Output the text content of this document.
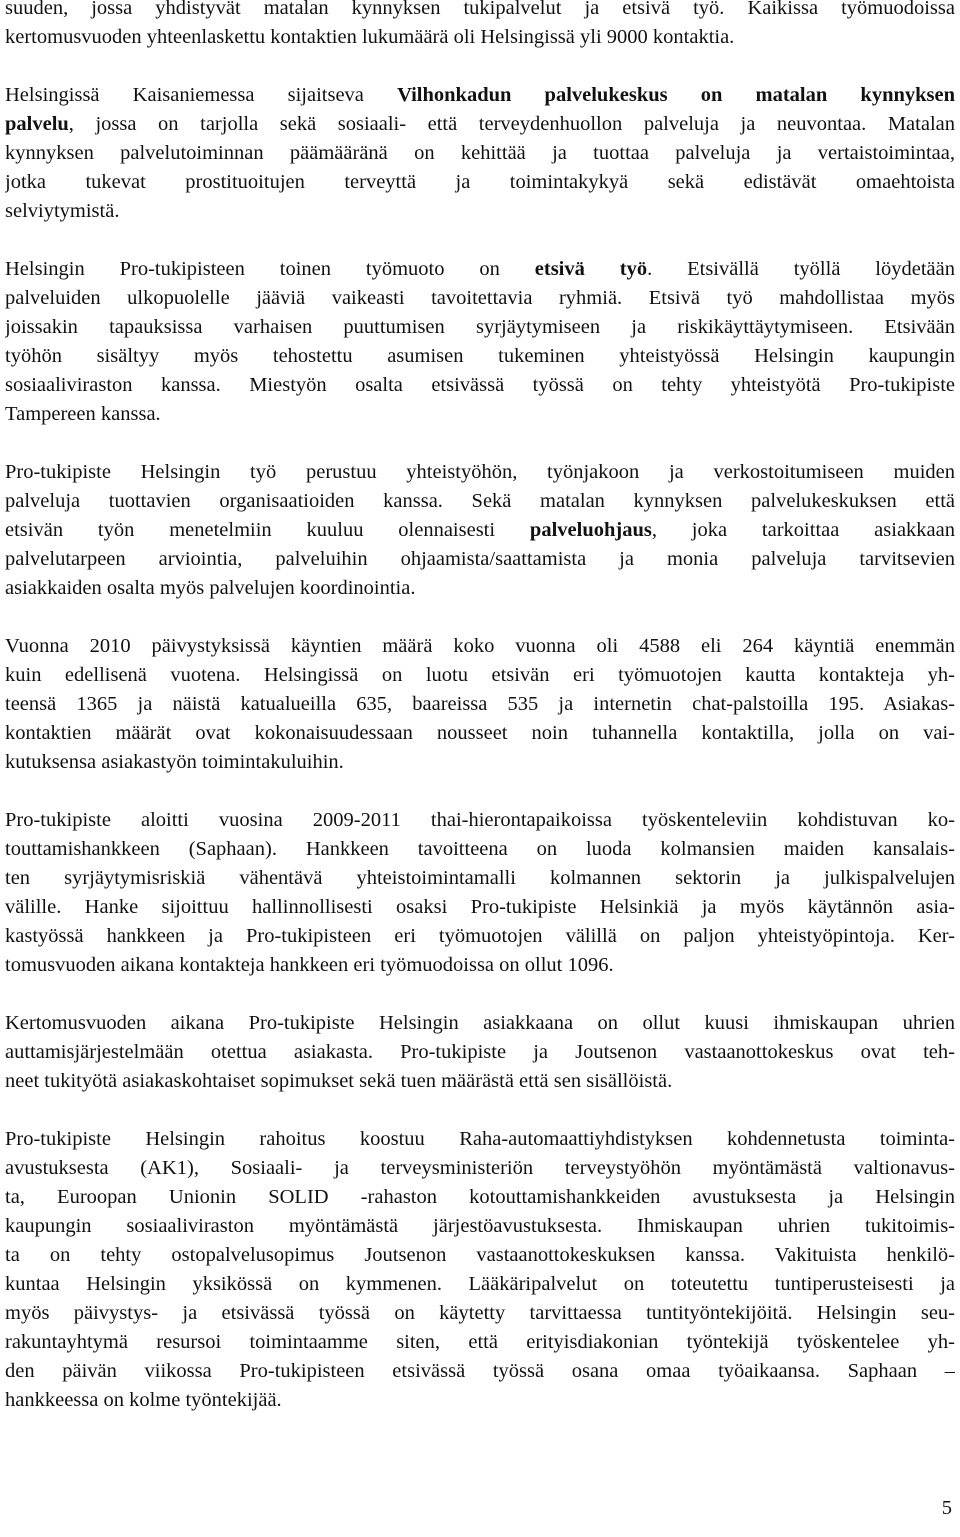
suuden, jossa yhdistyvät matalan kynnyksen tukipalvelut ja etsivä työ. Kaikissa työmuodoissa
kertomusvuoden yhteenlaskettu kontaktien lukumäärä oli Helsingissä yli 9000 kontaktia.
Helsingissä Kaisaniemessa sijaitseva Vilhonkadun palvelukeskus on matalan kynnyksen
palvelu, jossa on tarjolla sekä sosiaali- että terveydenhuollon palveluja ja neuvontaa. Matalan
kynnyksen palvelutoiminnan päämääränä on kehittää ja tuottaa palveluja ja vertaistoimintaa,
jotka tukevat prostituoitujen terveyttä ja toimintakykyä sekä edistävät omaehtoista
selviytymistä.
Helsingin Pro-tukipisteen toinen työmuoto on etsivä työ. Etsivällä työllä löydetään
palveluiden ulkopuolelle jääviä vaikeasti tavoitettavia ryhmiä. Etsivä työ mahdollistaa myös
joissakin tapauksissa varhaisen puuttumisen syrjäytymiseen ja riskikäyttäytymiseen. Etsivään
työhön sisältyy myös tehostettu asumisen tukeminen yhteistyössä Helsingin kaupungin
sosiaaliviraston kanssa. Miestyön osalta etsivässä työssä on tehty yhteistyötä Pro-tukipiste
Tampereen kanssa.
Pro-tukipiste Helsingin työ perustuu yhteistyöhön, työnjakoon ja verkostoitumiseen muiden
palveluja tuottavien organisaatioiden kanssa. Sekä matalan kynnyksen palvelukeskuksen että
etsivän työn menetelmiin kuuluu olennaisesti palveluohjaus, joka tarkoittaa asiakkaan
palvelutarpeen arviointia, palveluihin ohjaamista/saattamista ja monia palveluja tarvitsevien
asiakkaiden osalta myös palvelujen koordinointia.
Vuonna 2010 päivystyksissä käyntien määrä koko vuonna oli 4588 eli 264 käyntiä enemmän
kuin edellisenä vuotena. Helsingissä on luotu etsivän eri työmuotojen kautta kontakteja yh-
teensä 1365 ja näistä katualueilla 635, baareissa 535 ja internetin chat-palstoilla 195. Asiakas-
kontaktien määrät ovat kokonaisuudessaan nousseet noin tuhannella kontaktilla, jolla on vai-
kutuksensa asiakastyön toimintakuluihin.
Pro-tukipiste aloitti vuosina 2009-2011 thai-hierontapaikoissa työskenteleviin kohdistuvan ko-
touttamishankkeen (Saphaan). Hankkeen tavoitteena on luoda kolmansien maiden kansalais-
ten syrjäytymisriskiä vähentävä yhteistoimintamalli kolmannen sektorin ja julkispalvelujen
välille. Hanke sijoittuu hallinnollisesti osaksi Pro-tukipiste Helsinkiä ja myös käytännön asia-
kastyössä hankkeen ja Pro-tukipisteen eri työmuotojen välillä on paljon yhteistyöpintoja. Ker-
tomusvuoden aikana kontakteja hankkeen eri työmuodoissa on ollut 1096.
Kertomusvuoden aikana Pro-tukipiste Helsingin asiakkaana on ollut kuusi ihmiskaupan uhrien
auttamisjärjestelmään otettua asiakasta. Pro-tukipiste ja Joutsenon vastaanottokeskus ovat teh-
neet tukityötä asiakaskohtaiset sopimukset sekä tuen määrästä että sen sisällöistä.
Pro-tukipiste Helsingin rahoitus koostuu Raha-automaattiyhdistyksen kohdennetusta toiminta-
avustuksesta (AK1), Sosiaali- ja terveysministeriön terveystyöhön myöntämästä valtionavus-
ta, Euroopan Unionin SOLID -rahaston kotouttamishankkeiden avustuksesta ja Helsingin
kaupungin sosiaaliviraston myöntämästä järjestöavustuksesta. Ihmiskaupan uhrien tukitoimis-
ta on tehty ostopalvelusopimus Joutsenon vastaanottokeskuksen kanssa. Vakituista henkilö-
kuntaa Helsingin yksikössä on kymmenen. Lääkäripalvelut on toteutettu tuntiperusteisesti ja
myös päivystys- ja etsivässä työssä on käytetty tarvittaessa tuntityöntekijöitä. Helsingin seu-
rakuntayhtymä resursoi toimintaamme siten, että erityisdiakonian työntekijä työskentelee yh-
den päivän viikossa Pro-tukipisteen etsivässä työssä osana omaa työaikaansa. Saphaan –
hankkeessa on kolme työntekijää.
5
